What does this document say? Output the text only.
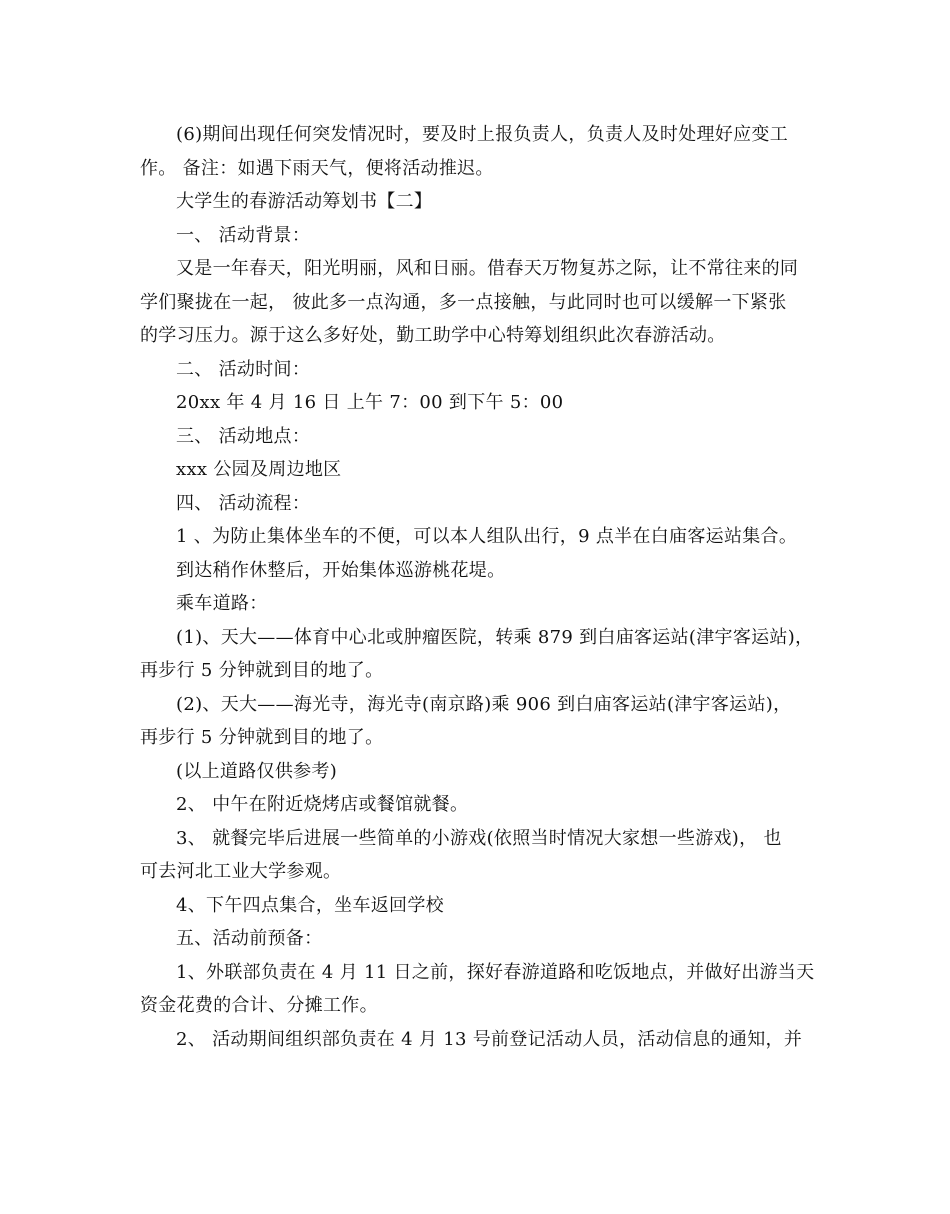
(6)期间出现任何突发情况时，要及时上报负责人，负责人及时处理好应变工

作。 备注：如遇下雨天气，便将活动推迟。

大学生的春游活动筹划书【二】

一、 活动背景：

又是一年春天，阳光明丽，风和日丽。借春天万物复苏之际，让不常往来的同

学们聚拢在一起， 彼此多一点沟通，多一点接触，与此同时也可以缓解一下紧张

的学习压力。源于这么多好处，勤工助学中心特筹划组织此次春游活动。

二、 活动时间：

20xx 年 4 月 16 日 上午 7：00 到下午 5：00

三、 活动地点：

xxx 公园及周边地区

四、 活动流程：

1 、为防止集体坐车的不便，可以本人组队出行，9 点半在白庙客运站集合。

到达稍作休整后，开始集体巡游桃花堤。

乘车道路：

(1)、天大——体育中心北或肿瘤医院，转乘 879 到白庙客运站(津宇客运站)，

再步行 5 分钟就到目的地了。

(2)、天大——海光寺，海光寺(南京路)乘 906 到白庙客运站(津宇客运站)，

再步行 5 分钟就到目的地了。

(以上道路仅供参考)

2、 中午在附近烧烤店或餐馆就餐。

3、 就餐完毕后进展一些简单的小游戏(依照当时情况大家想一些游戏)， 也

可去河北工业大学参观。

4、下午四点集合，坐车返回学校

五、活动前预备：

1、外联部负责在 4 月 11 日之前，探好春游道路和吃饭地点，并做好出游当天

资金花费的合计、分摊工作。

2、 活动期间组织部负责在 4 月 13 号前登记活动人员，活动信息的通知，并
